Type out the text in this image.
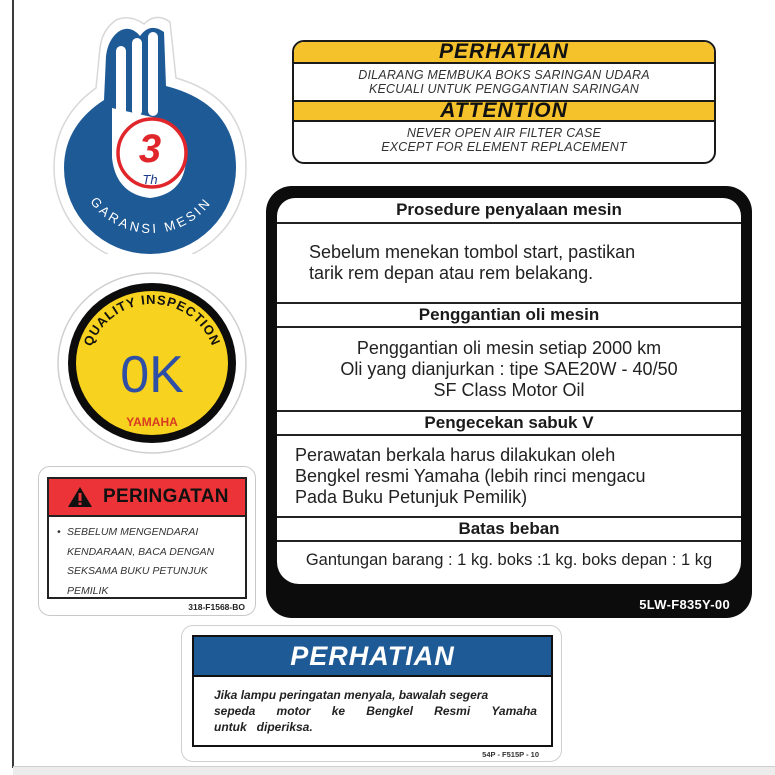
3
Th
GARANSI MESIN
QUALITY INSPECTION
0K
YAMAHA
PERHATIAN
DILARANG MEMBUKA BOKS SARINGAN UDARA
KECUALI UNTUK PENGGANTIAN SARINGAN
ATTENTION
NEVER OPEN AIR FILTER CASE
EXCEPT FOR ELEMENT REPLACEMENT
Prosedure penyalaan mesin
Sebelum menekan tombol start, pastikan
tarik rem depan atau rem belakang.
Penggantian oli mesin
Penggantian oli mesin setiap 2000 km
Oli yang dianjurkan : tipe SAE20W - 40/50
SF Class Motor Oil
Pengecekan sabuk V
Perawatan berkala harus dilakukan oleh
Bengkel resmi Yamaha (lebih rinci mengacu
Pada Buku Petunjuk Pemilik)
Batas beban
Gantungan barang : 1 kg. boks :1 kg. boks depan : 1 kg
5LW-F835Y-00
PERINGATAN
• SEBELUM MENGENDARAI
KENDARAAN, BACA DENGAN
SEKSAMA BUKU PETUNJUK
PEMILIK
318-F1568-BO
PERHATIAN
Jika lampu peringatan menyala, bawalah segera
sepeda motor ke Bengkel Resmi Yamaha
untuk   diperiksa.
54P - F515P - 10
